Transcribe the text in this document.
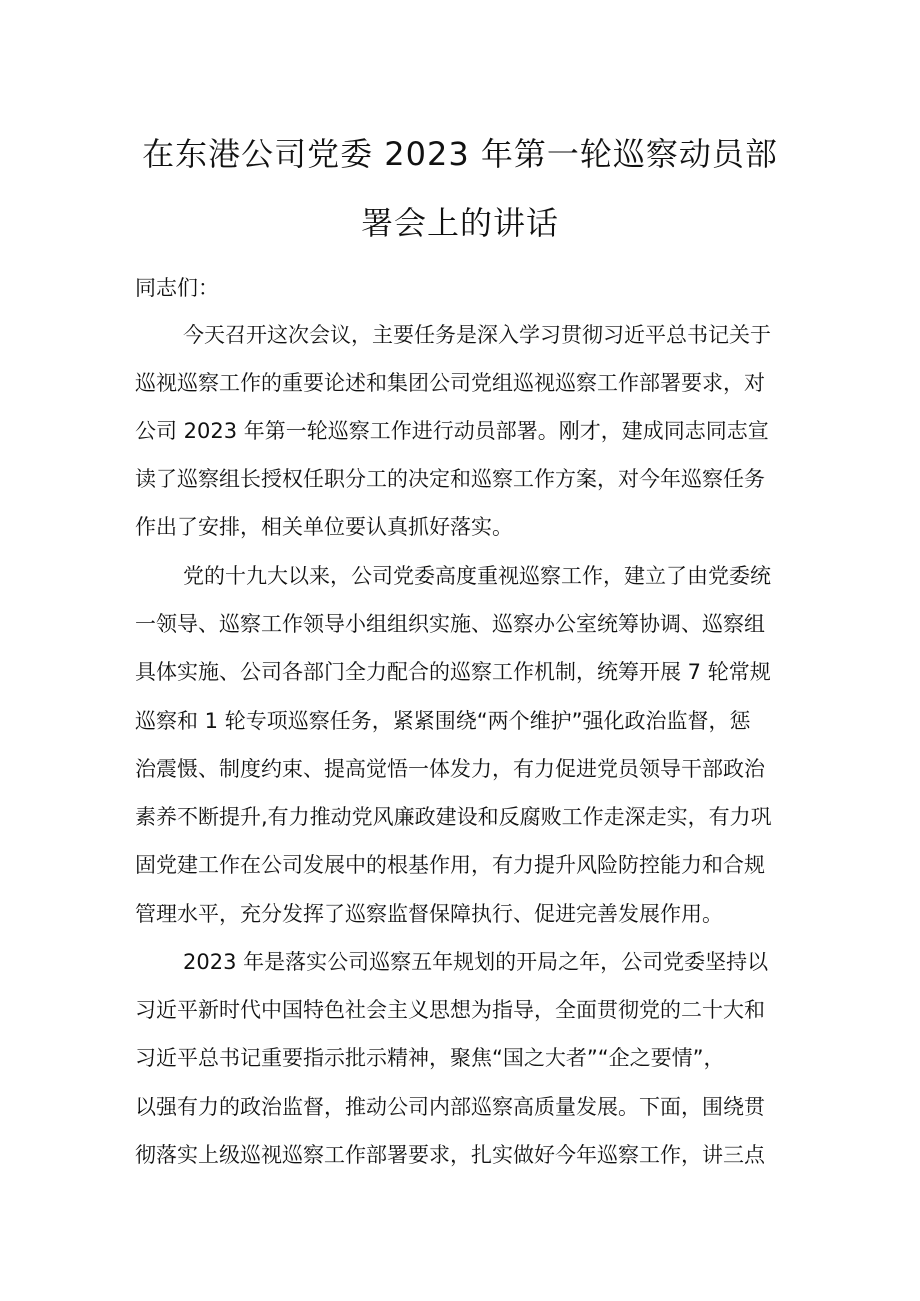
在东港公司党委 2023 年第一轮巡察动员部
署会上的讲话
同志们：
今天召开这次会议，主要任务是深入学习贯彻习近平总书记关于
巡视巡察工作的重要论述和集团公司党组巡视巡察工作部署要求，对
公司 2023 年第一轮巡察工作进行动员部署。刚才，建成同志同志宣
读了巡察组长授权任职分工的决定和巡察工作方案，对今年巡察任务
作出了安排，相关单位要认真抓好落实。
党的十九大以来，公司党委高度重视巡察工作，建立了由党委统
一领导、巡察工作领导小组组织实施、巡察办公室统筹协调、巡察组
具体实施、公司各部门全力配合的巡察工作机制，统筹开展 7 轮常规
巡察和 1 轮专项巡察任务，紧紧围绕“两个维护”强化政治监督，惩
治震慑、制度约束、提高觉悟一体发力，有力促进党员领导干部政治
素养不断提升,有力推动党风廉政建设和反腐败工作走深走实，有力巩
固党建工作在公司发展中的根基作用，有力提升风险防控能力和合规
管理水平，充分发挥了巡察监督保障执行、促进完善发展作用。
2023 年是落实公司巡察五年规划的开局之年，公司党委坚持以
习近平新时代中国特色社会主义思想为指导，全面贯彻党的二十大和
习近平总书记重要指示批示精神，聚焦“国之大者”“企之要情”，
以强有力的政治监督，推动公司内部巡察高质量发展。下面，围绕贯
彻落实上级巡视巡察工作部署要求，扎实做好今年巡察工作，讲三点
